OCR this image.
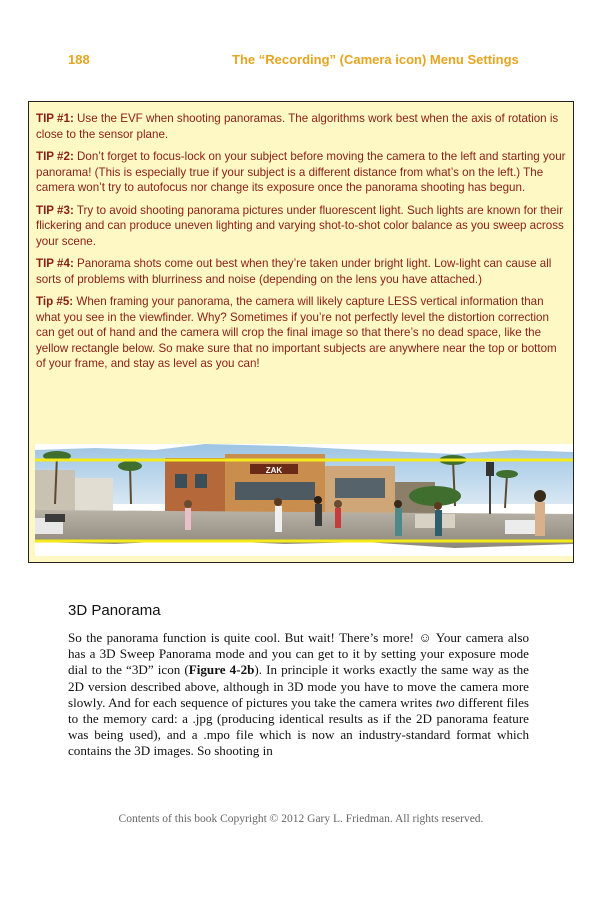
188	The “Recording” (Camera icon) Menu Settings

TIP #1: Use the EVF when shooting panoramas. The algorithms work best when the axis of rotation is close to the sensor plane.

TIP #2: Don’t forget to focus-lock on your subject before moving the camera to the left and starting your panorama! (This is especially true if your subject is a different distance from what’s on the left.) The camera won’t try to autofocus nor change its exposure once the panorama shooting has begun.

TIP #3: Try to avoid shooting panorama pictures under fluorescent light. Such lights are known for their flickering and can produce uneven lighting and varying shot-to-shot color balance as you sweep across your scene.

TIP #4: Panorama shots come out best when they’re taken under bright light. Low-light can cause all sorts of problems with blurriness and noise (depending on the lens you have attached.)

Tip #5: When framing your panorama, the camera will likely capture LESS vertical information than what you see in the viewfinder. Why? Sometimes if you’re not perfectly level the distortion correction can get out of hand and the camera will crop the final image so that there’s no dead space, like the yellow rectangle below. So make sure that no important subjects are anywhere near the top or bottom of your frame, and stay as level as you can!

ZAK
3D Panorama

So the panorama function is quite cool. But wait! There’s more! ☺ Your camera also has a 3D Sweep Panorama mode and you can get to it by setting your exposure mode dial to the “3D” icon (Figure 4-2b). In principle it works exactly the same way as the 2D version described above, although in 3D mode you have to move the camera more slowly. And for each sequence of pictures you take the camera writes two different files to the memory card: a .jpg (producing identical results as if the 2D panorama feature was being used), and a .mpo file which is now an industry-standard format which contains the 3D images. So shooting in

Contents of this book Copyright © 2012 Gary L. Friedman. All rights reserved.
